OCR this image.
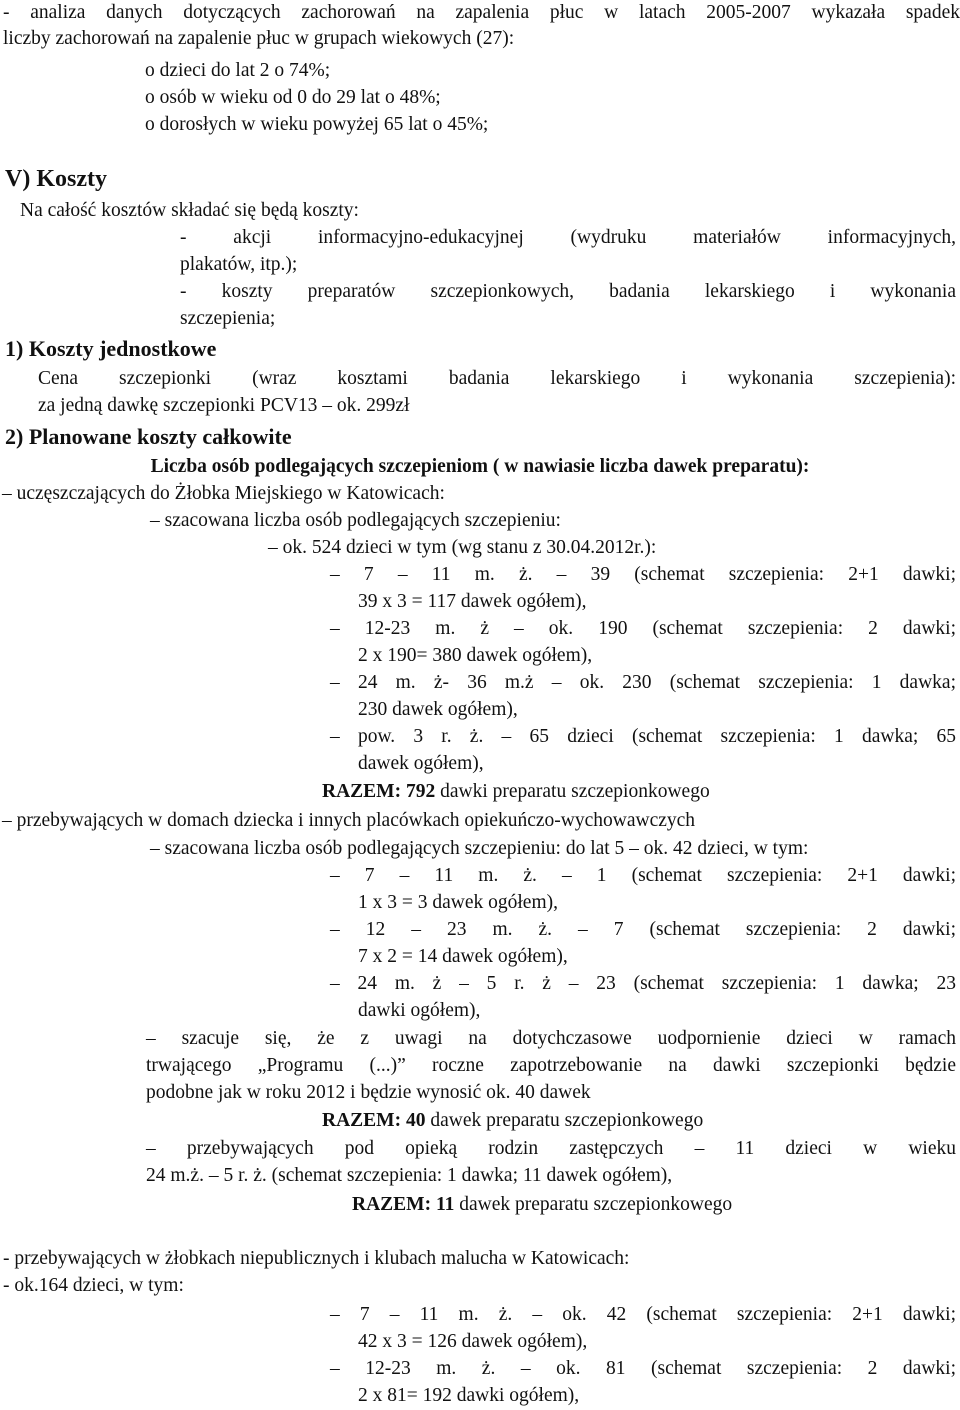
- analiza danych dotyczących zachorowań na zapalenia płuc w latach 2005-2007 wykazała spadek
liczby zachorowań na zapalenie płuc w grupach wiekowych (27):
o dzieci do lat 2 o 74%;
o osób w wieku od 0 do 29 lat o 48%;
o dorosłych w wieku powyżej 65 lat o 45%;
V) Koszty
Na całość kosztów składać się będą koszty:
- akcji informacyjno-edukacyjnej (wydruku materiałów informacyjnych,
plakatów, itp.);
- koszty preparatów szczepionkowych, badania lekarskiego i wykonania
szczepienia;
1) Koszty jednostkowe
Cena szczepionki (wraz kosztami badania lekarskiego i wykonania szczepienia):
za jedną dawkę szczepionki PCV13 – ok. 299zł
2) Planowane koszty całkowite
Liczba osób podlegających szczepieniom ( w nawiasie liczba dawek preparatu):
– uczęszczających do Żłobka Miejskiego w Katowicach:
– szacowana liczba osób podlegających szczepieniu:
– ok. 524 dzieci w tym (wg stanu z 30.04.2012r.):
– 7 – 11 m. ż. – 39 (schemat szczepienia: 2+1 dawki;
39 x 3 = 117 dawek ogółem),
– 12-23 m. ż – ok. 190 (schemat szczepienia: 2 dawki;
2 x 190= 380 dawek ogółem),
– 24 m. ż- 36 m.ż – ok. 230 (schemat szczepienia: 1 dawka;
230 dawek ogółem),
– pow. 3 r. ż. – 65 dzieci (schemat szczepienia: 1 dawka; 65
dawek ogółem),
RAZEM: 792 dawki preparatu szczepionkowego
– przebywających w domach dziecka i innych placówkach opiekuńczo-wychowawczych
– szacowana liczba osób podlegających szczepieniu: do lat 5 – ok. 42 dzieci, w tym:
– 7 – 11 m. ż. – 1 (schemat szczepienia: 2+1 dawki;
1 x 3 = 3 dawek ogółem),
– 12 – 23 m. ż. – 7 (schemat szczepienia: 2 dawki;
7 x 2 = 14 dawek ogółem),
– 24 m. ż – 5 r. ż – 23 (schemat szczepienia: 1 dawka; 23
dawki ogółem),
– szacuje się, że z uwagi na dotychczasowe uodpornienie dzieci w ramach
trwającego „Programu (...)” roczne zapotrzebowanie na dawki szczepionki będzie
podobne jak w roku 2012 i będzie wynosić ok. 40 dawek
RAZEM: 40 dawek preparatu szczepionkowego
– przebywających pod opieką rodzin zastępczych – 11 dzieci w wieku
24 m.ż. – 5 r. ż. (schemat szczepienia: 1 dawka; 11 dawek ogółem),
RAZEM: 11 dawek preparatu szczepionkowego
- przebywających w żłobkach niepublicznych i klubach malucha w Katowicach:
- ok.164 dzieci, w tym:
– 7 – 11 m. ż. – ok. 42 (schemat szczepienia: 2+1 dawki;
42 x 3 = 126 dawek ogółem),
– 12-23 m. ż. – ok. 81 (schemat szczepienia: 2 dawki;
2 x 81= 192 dawki ogółem),
